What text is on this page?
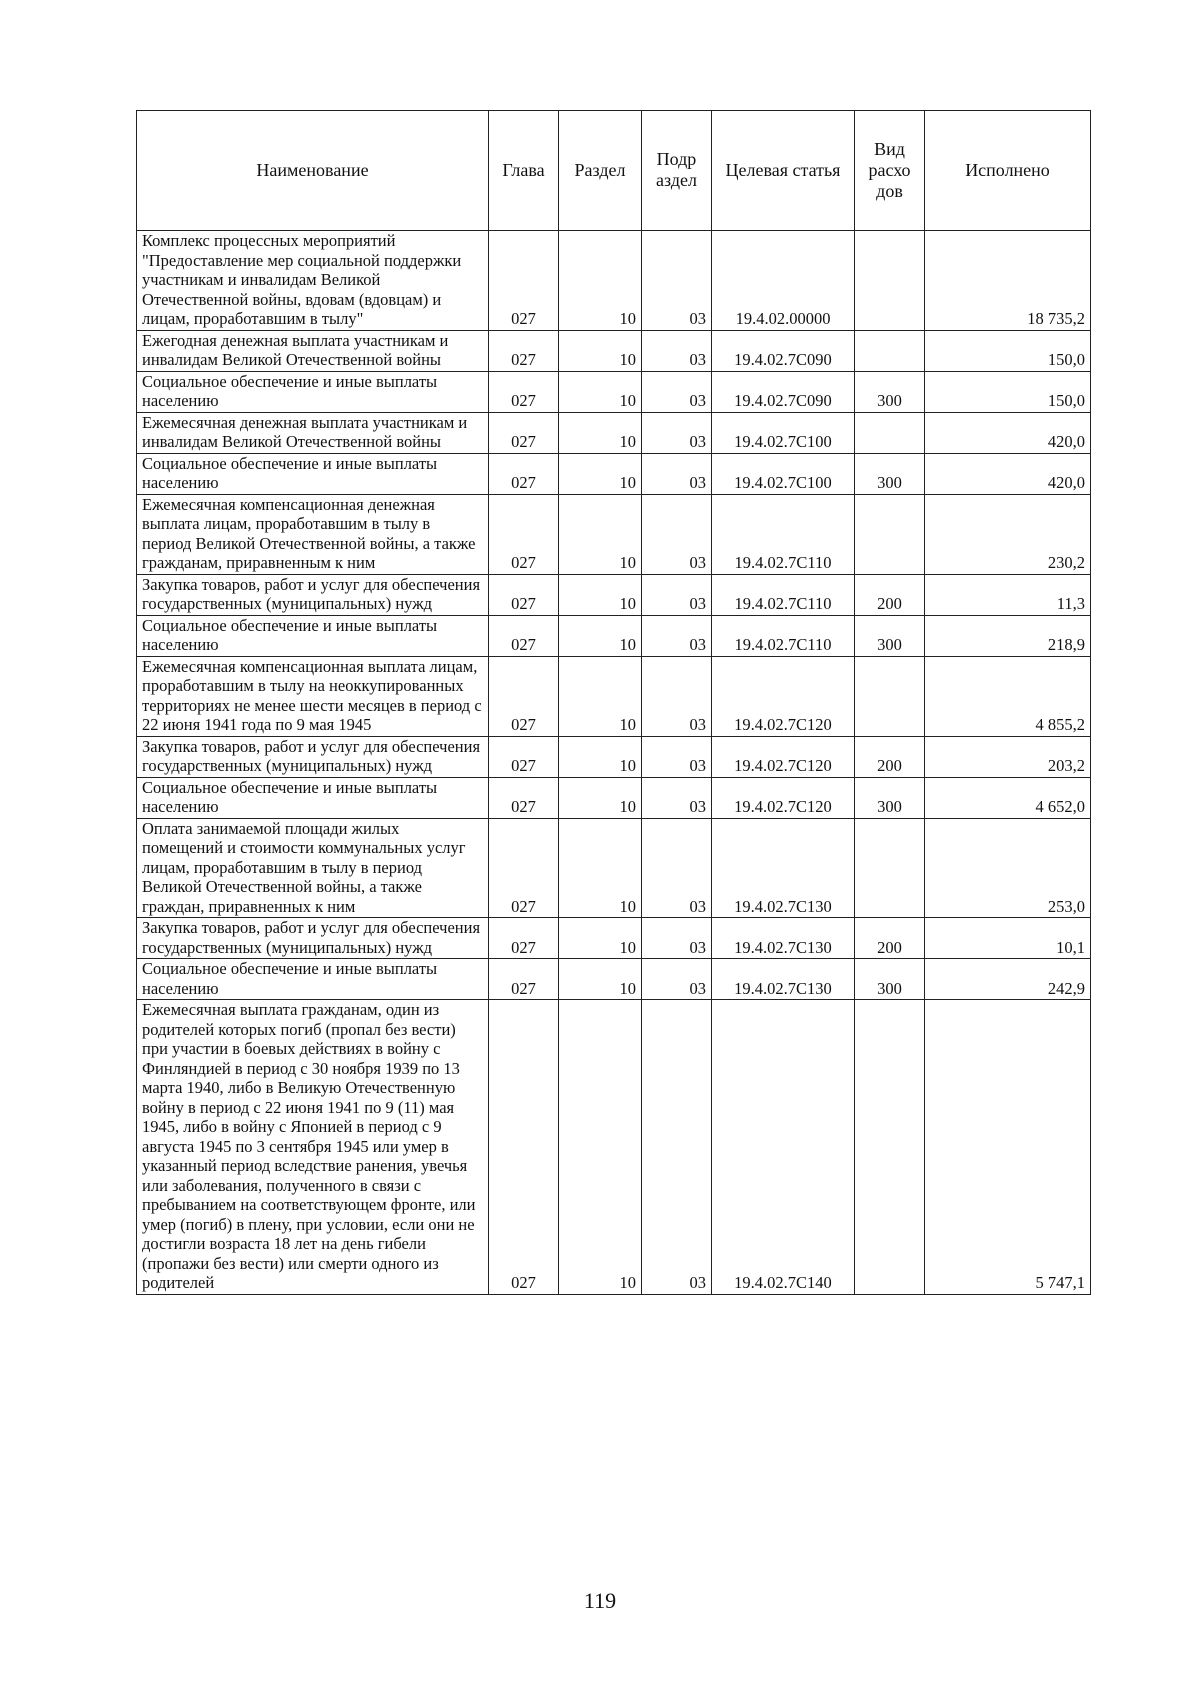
Наименование	Глава	Раздел	Подр аздел	Целевая статья	Вид расхо дов	Исполнено
Комплекс процессных мероприятий "Предоставление мер социальной поддержки участникам и инвалидам Великой Отечественной войны, вдовам (вдовцам) и лицам, проработавшим в тылу"	027	10	03	19.4.02.00000		18 735,2
Ежегодная денежная выплата участникам и инвалидам Великой Отечественной войны	027	10	03	19.4.02.7С090		150,0
Социальное обеспечение и иные выплаты населению	027	10	03	19.4.02.7С090	300	150,0
Ежемесячная денежная выплата участникам и инвалидам Великой Отечественной войны	027	10	03	19.4.02.7С100		420,0
Социальное обеспечение и иные выплаты населению	027	10	03	19.4.02.7С100	300	420,0
Ежемесячная компенсационная денежная выплата лицам, проработавшим в тылу в период Великой Отечественной войны, а также гражданам, приравненным к ним	027	10	03	19.4.02.7С110		230,2
Закупка товаров, работ и услуг для обеспечения государственных (муниципальных) нужд	027	10	03	19.4.02.7С110	200	11,3
Социальное обеспечение и иные выплаты населению	027	10	03	19.4.02.7С110	300	218,9
Ежемесячная компенсационная выплата лицам, проработавшим в тылу на неоккупированных территориях не менее шести месяцев в период с 22 июня 1941 года по 9 мая 1945	027	10	03	19.4.02.7С120		4 855,2
Закупка товаров, работ и услуг для обеспечения государственных (муниципальных) нужд	027	10	03	19.4.02.7С120	200	203,2
Социальное обеспечение и иные выплаты населению	027	10	03	19.4.02.7С120	300	4 652,0
Оплата занимаемой площади жилых помещений и стоимости коммунальных услуг лицам, проработавшим в тылу в период Великой Отечественной войны, а также граждан, приравненных к ним	027	10	03	19.4.02.7С130		253,0
Закупка товаров, работ и услуг для обеспечения государственных (муниципальных) нужд	027	10	03	19.4.02.7С130	200	10,1
Социальное обеспечение и иные выплаты населению	027	10	03	19.4.02.7С130	300	242,9
Ежемесячная выплата гражданам, один из родителей которых погиб (пропал без вести) при участии в боевых действиях в войну с Финляндией в период с 30 ноября 1939 по 13 марта 1940, либо в Великую Отечественную войну в период с 22 июня 1941 по 9 (11) мая 1945, либо в войну с Японией в период с 9 августа 1945 по 3 сентября 1945 или умер в указанный период вследствие ранения, увечья или заболевания, полученного в связи с пребыванием на соответствующем фронте, или умер (погиб) в плену, при условии, если они не достигли возраста 18 лет на день гибели (пропажи без вести) или смерти одного из родителей	027	10	03	19.4.02.7С140		5 747,1
119
